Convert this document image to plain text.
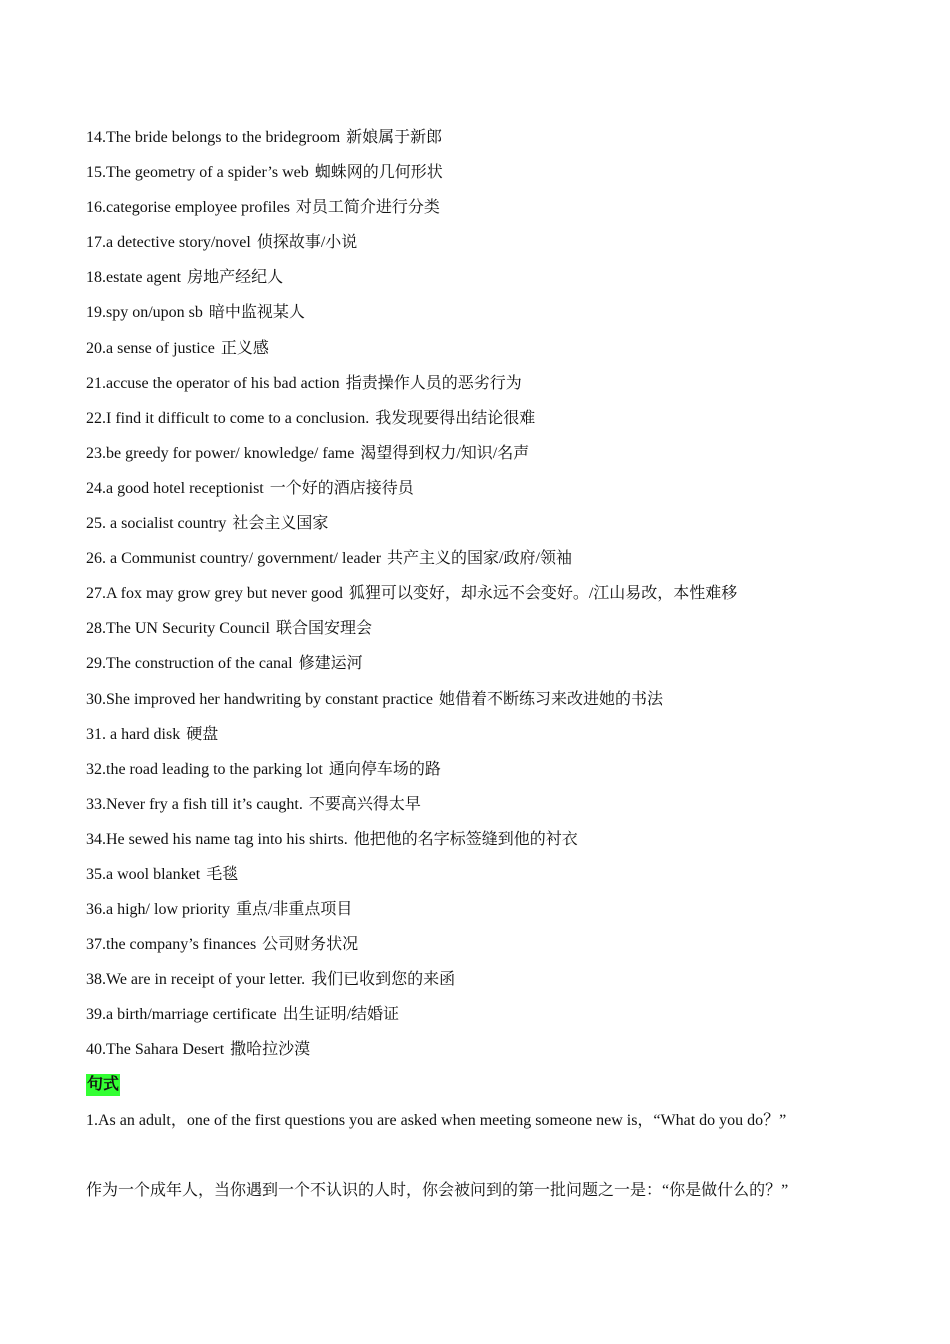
14.The bride belongs to the bridegroom 新娘属于新郎
15.The geometry of a spider’s web 蜘蛛网的几何形状
16.categorise employee profiles 对员工简介进行分类
17.a detective story/novel 侦探故事/小说
18.estate agent 房地产经纪人
19.spy on/upon sb 暗中监视某人
20.a sense of justice 正义感
21.accuse the operator of his bad action 指责操作人员的恶劣行为
22.I find it difficult to come to a conclusion. 我发现要得出结论很难
23.be greedy for power/ knowledge/ fame 渴望得到权力/知识/名声
24.a good hotel receptionist 一个好的酒店接待员
25. a socialist country 社会主义国家
26. a Communist country/ government/ leader 共产主义的国家/政府/领袖
27.A fox may grow grey but never good 狐狸可以变好，却永远不会变好。/江山易改，本性难移
28.The UN Security Council 联合国安理会
29.The construction of the canal 修建运河
30.She improved her handwriting by constant practice 她借着不断练习来改进她的书法
31. a hard disk 硬盘
32.the road leading to the parking lot 通向停车场的路
33.Never fry a fish till it’s caught. 不要高兴得太早
34.He sewed his name tag into his shirts. 他把他的名字标签缝到他的衬衣
35.a wool blanket 毛毯
36.a high/ low priority 重点/非重点项目
37.the company’s finances 公司财务状况
38.We are in receipt of your letter. 我们已收到您的来函
39.a birth/marriage certificate 出生证明/结婚证
40.The Sahara Desert 撒哈拉沙漠
句式

1.As an adult，one of the first questions you are asked when meeting someone new is，“What do you do？”

作为一个成年人，当你遇到一个不认识的人时，你会被问到的第一批问题之一是：“你是做什么的？”
